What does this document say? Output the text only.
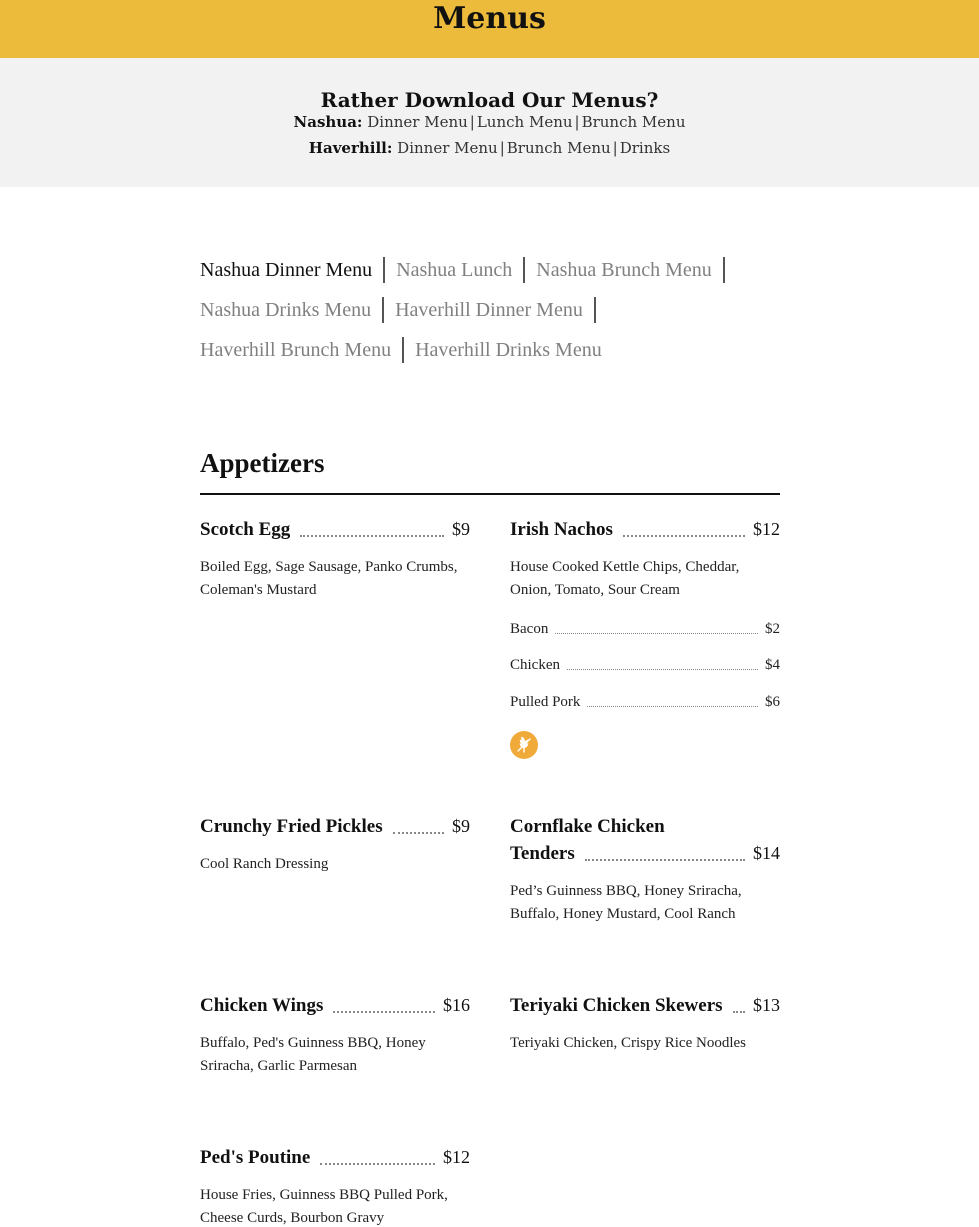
Menus
Rather Download Our Menus?
Nashua: Dinner Menu | Lunch Menu | Brunch Menu
Haverhill: Dinner Menu | Brunch Menu | Drinks
Nashua Dinner Menu Nashua Lunch Nashua Brunch Menu
Nashua Drinks Menu Haverhill Dinner Menu
Haverhill Brunch Menu Haverhill Drinks Menu
Appetizers
Scotch Egg	$9
Boiled Egg, Sage Sausage, Panko Crumbs, Coleman's Mustard
Irish Nachos	$12
House Cooked Kettle Chips, Cheddar, Onion, Tomato, Sour Cream
Bacon	$2
Chicken	$4
Pulled Pork	$6
Crunchy Fried Pickles	$9
Cool Ranch Dressing
Cornflake Chicken
Tenders	$14
Ped’s Guinness BBQ, Honey Sriracha, Buffalo, Honey Mustard, Cool Ranch
Chicken Wings	$16
Buffalo, Ped's Guinness BBQ, Honey Sriracha, Garlic Parmesan
Teriyaki Chicken Skewers $13
Teriyaki Chicken, Crispy Rice Noodles
Ped's Poutine	$12
House Fries, Guinness BBQ Pulled Pork, Cheese Curds, Bourbon Gravy
